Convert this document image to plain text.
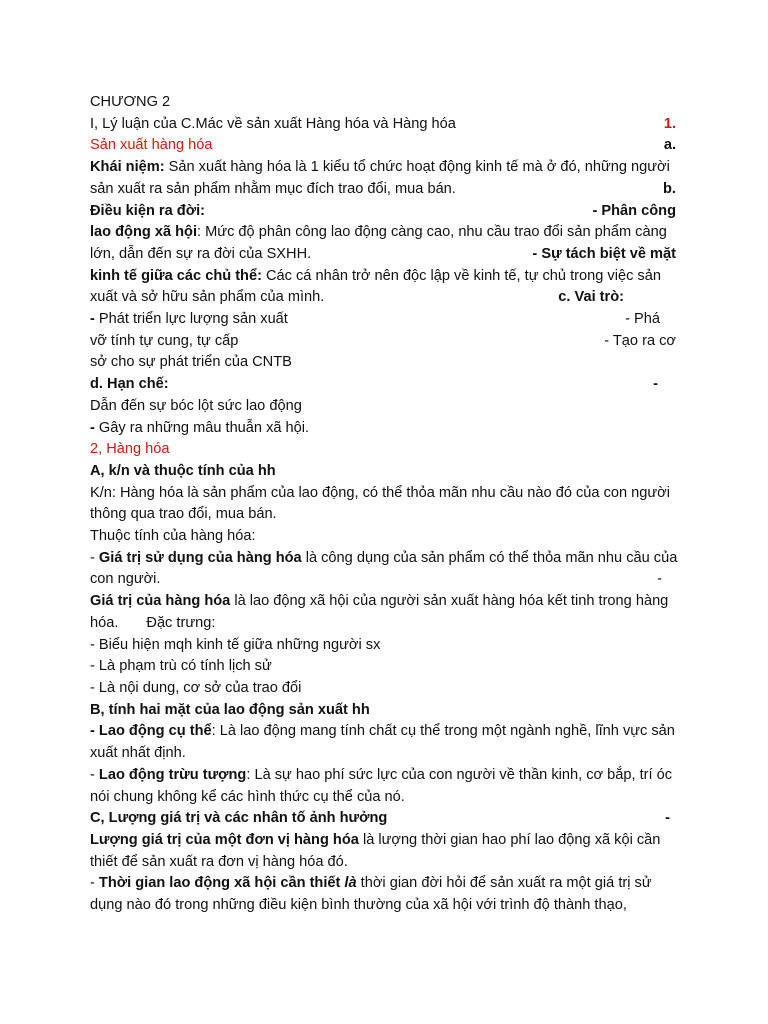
CHƯƠNG 2
I, Lý luận của C.Mác về sản xuất Hàng hóa và Hàng hóa	1.
Sản xuất hàng hóa	a.
Khái niệm: Sản xuất hàng hóa là 1 kiểu tổ chức hoạt động kinh tế mà ở đó, những người
sản xuất ra sản phẩm nhằm mục đích trao đổi, mua bán.	b.
Điều kiện ra đời:	- Phân công
lao động xã hội: Mức độ phân công lao động càng cao, nhu cầu trao đổi sản phẩm càng
lớn, dẫn đến sự ra đời của SXHH.	- Sự tách biệt về mặt
kinh tế giữa các chủ thể: Các cá nhân trở nên độc lập về kinh tế, tự chủ trong việc sản
xuất và sở hữu sản phẩm của mình.	c. Vai trò:
- Phát triển lực lượng sản xuất	- Phá
vỡ tính tự cung, tự cấp	- Tạo ra cơ
sở cho sự phát triển của CNTB
d. Hạn chế:	-
Dẫn đến sự bóc lột sức lao động
- Gây ra những mâu thuẫn xã hội.
2, Hàng hóa
A, k/n và thuộc tính của hh
K/n: Hàng hóa là sản phẩm của lao động, có thể thỏa mãn nhu cầu nào đó của con người
thông qua trao đổi, mua bán.
Thuộc tính của hàng hóa:
- Giá trị sử dụng của hàng hóa là công dụng của sản phẩm có thể thỏa mãn nhu cầu của
con người.	-
Giá trị của hàng hóa là lao động xã hội của người sản xuất hàng hóa kết tinh trong hàng
hóa. Đặc trưng:
- Biểu hiện mqh kinh tế giữa những người sx
- Là phạm trù có tính lịch sử
- Là nội dung, cơ sở của trao đổi
B, tính hai mặt của lao động sản xuất hh
- Lao động cụ thể: Là lao động mang tính chất cụ thể trong một ngành nghề, lĩnh vực sản
xuất nhất định.
- Lao động trừu tượng: Là sự hao phí sức lực của con người về thần kinh, cơ bắp, trí óc
nói chung không kể các hình thức cụ thể của nó.
C, Lượng giá trị và các nhân tố ảnh hưởng	-
Lượng giá trị của một đơn vị hàng hóa là lượng thời gian hao phí lao động xã kội cần
thiết để sản xuất ra đơn vị hàng hóa đó.
- Thời gian lao động xã hội cần thiết là thời gian đời hỏi để sản xuất ra một giá trị sử
dụng nào đó trong những điều kiện bình thường của xã hội với trình độ thành thạo,
